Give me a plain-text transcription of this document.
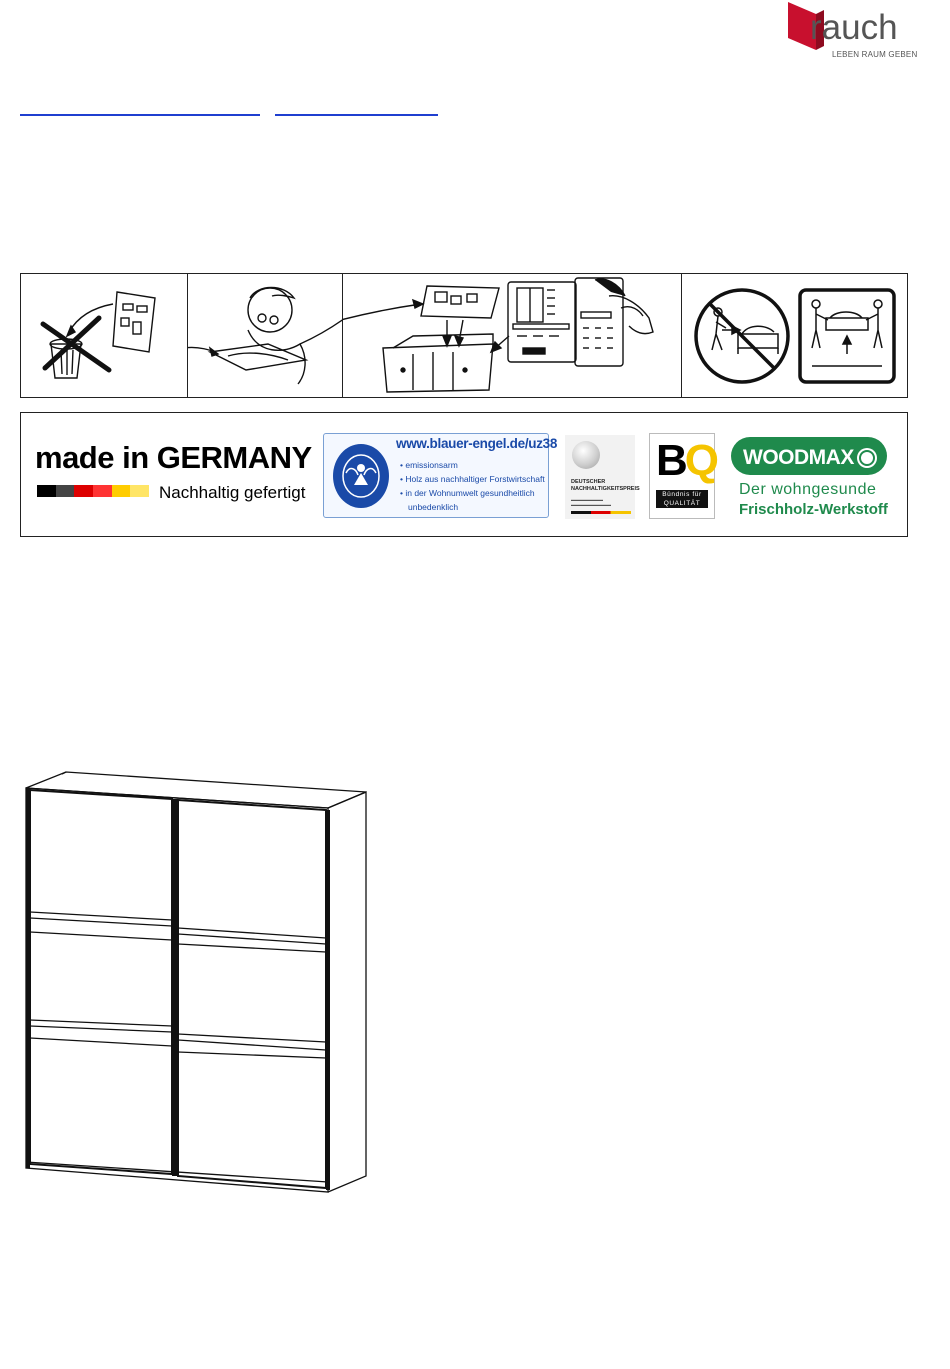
rauch
LEBEN RAUM GEBEN
made in GERMANY
Nachhaltig gefertigt
www.blauer-engel.de/uz38
• emissionsarm
• Holz aus nachhaltiger Forstwirtschaft
• in der Wohnumwelt gesundheitlich
unbedenklich
DEUTSCHER
NACHHALTIGKEITSPREIS
▬▬▬▬▬▬▬▬
▬▬▬▬▬▬▬▬▬▬
BQ
Bündnis für
QUALITÄT
WOODMAX
Der wohngesunde
Frischholz-Werkstoff
